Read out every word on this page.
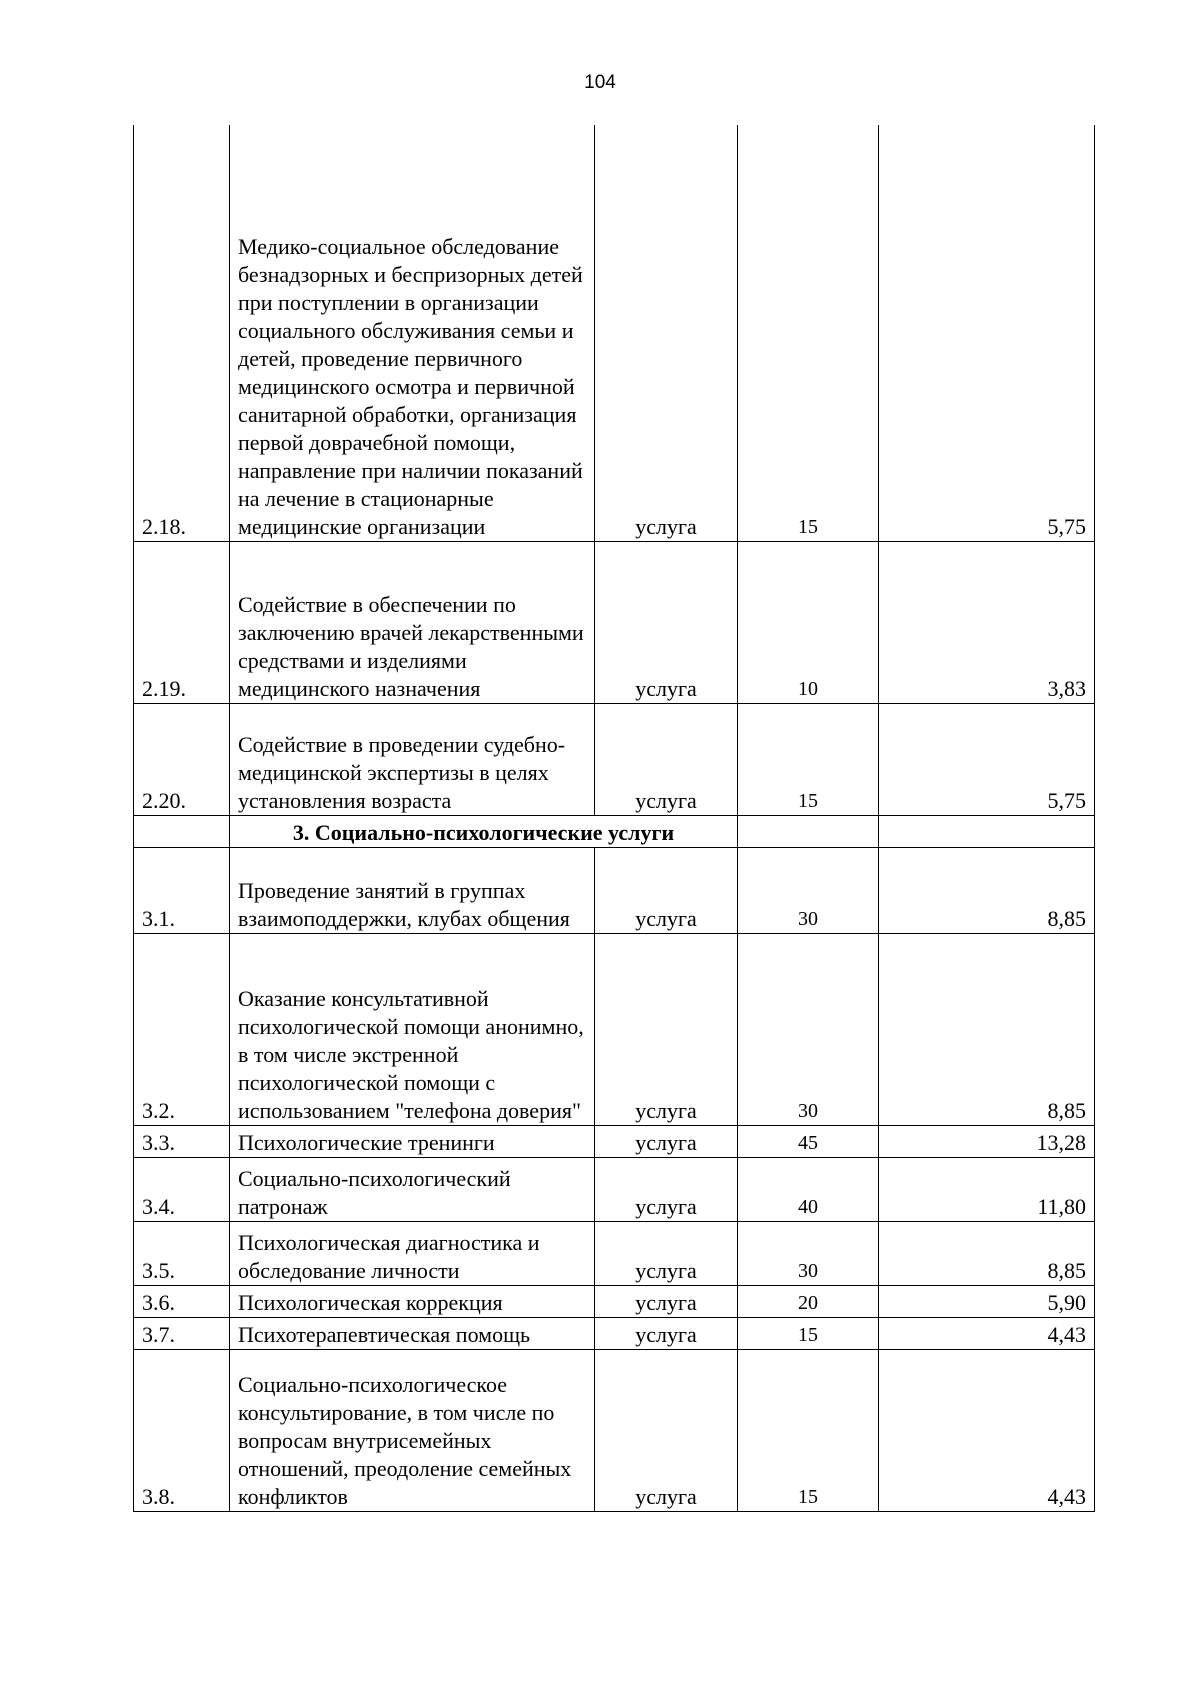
104
2.18.	Медико-социальное обследование безнадзорных и беспризорных детей при поступлении в организации социального обслуживания семьи и детей, проведение первичного медицинского осмотра и первичной санитарной обработки, организация первой доврачебной помощи, направление при наличии показаний на лечение в стационарные медицинские организации	услуга	15	5,75
2.19.	Содействие в обеспечении по заключению врачей лекарственными средствами и изделиями медицинского назначения	услуга	10	3,83
2.20.	Содействие в проведении судебно-медицинской экспертизы в целях установления возраста	услуга	15	5,75
	3. Социально-психологические услуги			
3.1.	Проведение занятий в группах взаимоподдержки, клубах общения	услуга	30	8,85
3.2.	Оказание консультативной психологической помощи анонимно, в том числе экстренной психологической помощи с использованием "телефона доверия"	услуга	30	8,85
3.3.	Психологические тренинги	услуга	45	13,28
3.4.	Социально-психологический патронаж	услуга	40	11,80
3.5.	Психологическая диагностика и обследование личности	услуга	30	8,85
3.6.	Психологическая коррекция	услуга	20	5,90
3.7.	Психотерапевтическая помощь	услуга	15	4,43
3.8.	Социально-психологическое консультирование, в том числе по вопросам внутрисемейных отношений, преодоление семейных конфликтов	услуга	15	4,43
